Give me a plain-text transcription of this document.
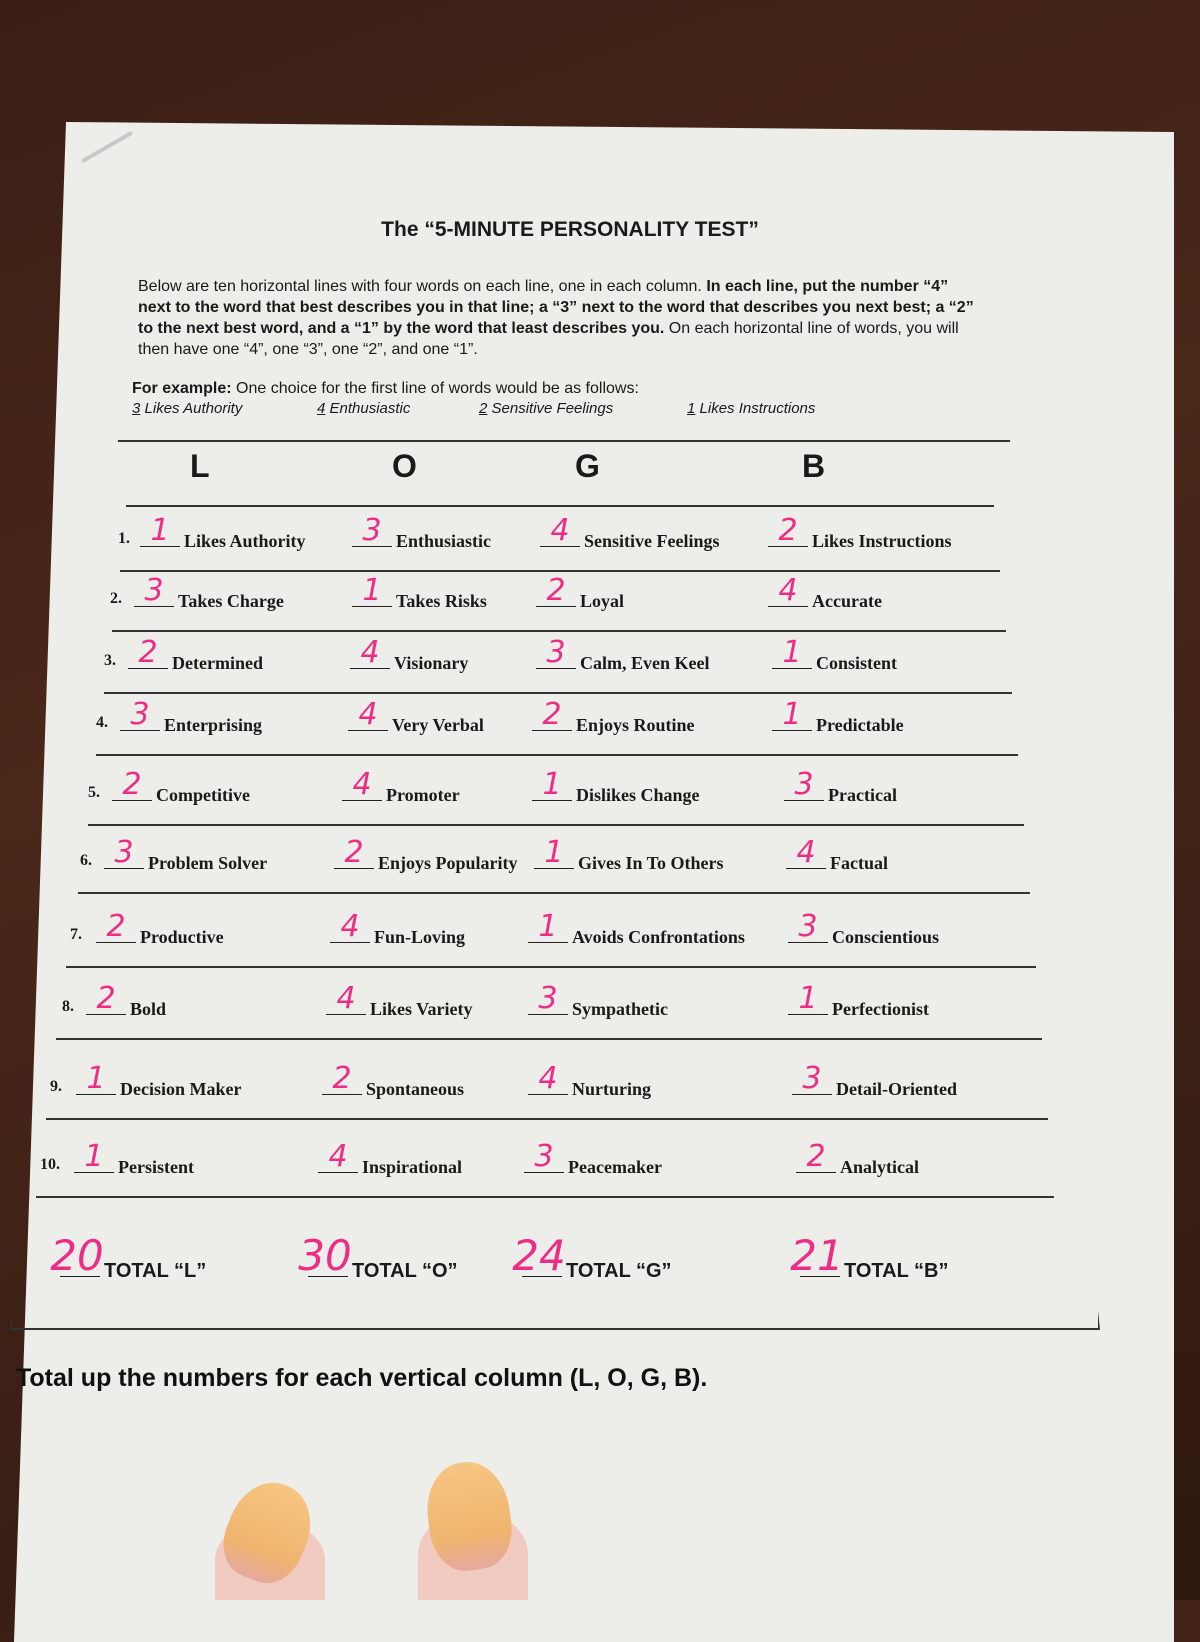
The “5-MINUTE PERSONALITY TEST”

Below are ten horizontal lines with four words on each line, one in each column. In each line, put the number “4” next to the word that best describes you in that line; a “3” next to the word that describes you next best; a “2” to the next best word, and a “1” by the word that least describes you. On each horizontal line of words, you will then have one “4”, one “3”, one “2”, and one “1”.

For example: One choice for the first line of words would be as follows:
3 Likes Authority	4 Enthusiastic	2 Sensitive Feelings	1 Likes Instructions
L	O	G	B
1. 1 Likes Authority 3 Enthusiastic 4 Sensitive Feelings 2 Likes Instructions
2. 3 Takes Charge	1 Takes Risks 2 Loyal	4 Accurate
3. 2 Determined	4 Visionary	3 Calm, Even Keel 1 Consistent
4. 3 Enterprising	4 Very Verbal 2 Enjoys Routine	1 Predictable
5. 2 Competitive	4 Promoter	1 Dislikes Change	3 Practical
6. 3 Problem Solver	2 Enjoys Popularity 1 Gives In To Others 4 Factual
7. 2 Productive	4 Fun-Loving 1 Avoids Confrontations 3 Conscientious
8. 2 Bold	4 Likes Variety 3 Sympathetic	1 Perfectionist
9. 1 Decision Maker	2 Spontaneous 4 Nurturing	3 Detail-Oriented
10. 1 Persistent	4 Inspirational 3 Peacemaker	2 Analytical
20 TOTAL “L” 30 TOTAL “O” 24 TOTAL “G”	21 TOTAL “B”

Total up the numbers for each vertical column (L, O, G, B).
